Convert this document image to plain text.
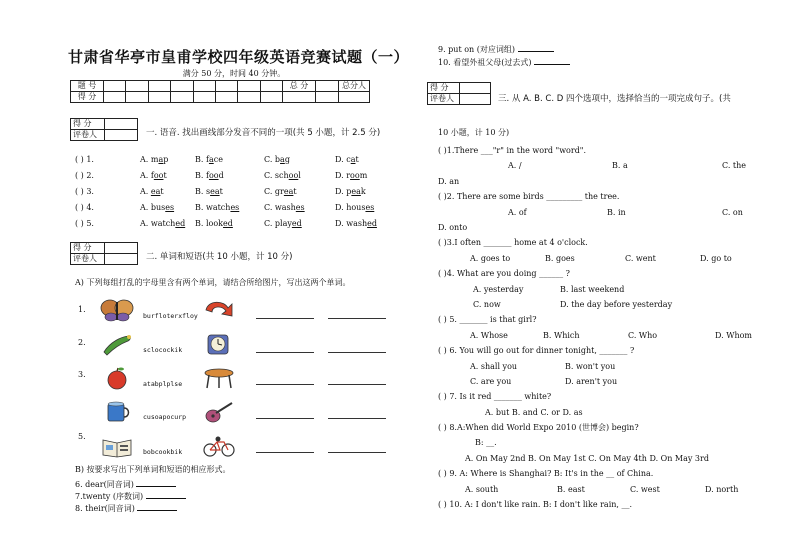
甘肃省华亭市皇甫学校四年级英语竞赛试题（一）
满分 50 分，时间 40 分钟。
题 号									总 分		总分人
得 分											
得 分	
评卷人		一. 语音. 找出画线部分发音不同的一项(共 5 小题，计 2.5 分)
( ) 1.	A. map	B. face	C. bag	D. cat
( ) 2.	A. foot	B. food	C. school	D. room
( ) 3.	A. eat	B. seat	C. great	D. peak
( ) 4.	A. buses	B. watches	C. washes	D. houses
( ) 5.	A. watched B. looked	C. played	D. washed
得 分	
评卷人		二. 单词和短语(共 10 小题，计 10 分)
A) 下列每组打乱的字母里含有两个单词，请结合所给图片，写出这两个单词。
1.
burfloterxfloy
2.
sclocockik
3.
atabplplse
cusoapocurp
5.
bobcookbik
B) 按要求写出下列单词和短语的相应形式。
6. dear(同音词)
7.twenty (序数词)
8. their(同音词)
9. put on (对应词组)
10. 看望外祖父母(过去式)
得 分	
评卷人		三. 从 A. B. C. D 四个选项中，选择恰当的一项完成句子。(共
10 小题，计 10 分)
( )1.There ___"r" in the word "word".
A. /	B. a	C. the
D. an
( )2. There are some birds _________ the tree.
A. of	B. in	C. on
D. onto
( )3.I often _______ home at 4 o'clock.
A. goes to	B. goes	C. went	D. go to
( )4. What are you doing ______ ?
A. yesterday	B. last weekend
C. now	D. the day before yesterday
( ) 5. _______ is that girl?
A. Whose	B. Which	C. Who	D. Whom
( ) 6. You will go out for dinner tonight, _______ ?
A. shall you	B. won't you
C. are you	D. aren't you
( ) 7. Is it red _______ white?
A. but B. and C. or D. as
( ) 8.A:When did World Expo 2010 (世博会) begin?
B: __.
A. On May 2nd B. On May 1st C. On May 4th D. On May 3rd
( ) 9. A: Where is Shanghai? B: It's in the __ of China.
A. south	B. east	C. west	D. north
( ) 10. A: I don't like rain. B: I don't like rain, __.
